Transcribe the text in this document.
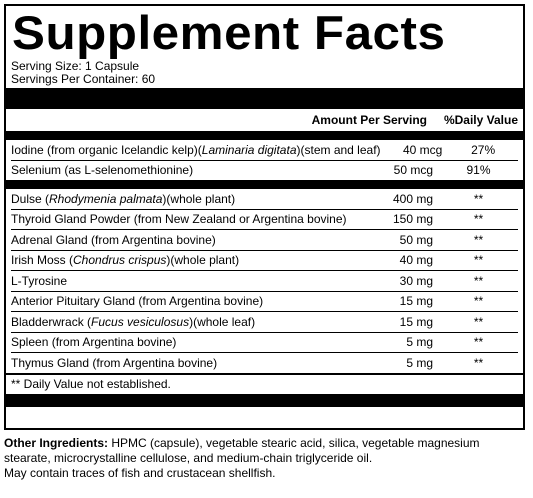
Supplement Facts
Serving Size: 1 Capsule
Servings Per Container: 60
Amount Per Serving	%Daily Value
Iodine (from organic Icelandic kelp)(Laminaria digitata)(stem and leaf)	40 mcg	27%
Selenium (as L-selenomethionine)	50 mcg	91%
Dulse (Rhodymenia palmata)(whole plant)	400 mg	**
Thyroid Gland Powder (from New Zealand or Argentina bovine)	150 mg	**
Adrenal Gland (from Argentina bovine)	50 mg	**
Irish Moss (Chondrus crispus)(whole plant)	40 mg	**
L-Tyrosine	30 mg	**
Anterior Pituitary Gland (from Argentina bovine)	15 mg	**
Bladderwrack (Fucus vesiculosus)(whole leaf)	15 mg	**
Spleen (from Argentina bovine)	5 mg	**
Thymus Gland (from Argentina bovine)	5 mg	**
** Daily Value not established.
Other Ingredients: HPMC (capsule), vegetable stearic acid, silica, vegetable magnesium stearate, microcrystalline cellulose, and medium-chain triglyceride oil.
May contain traces of fish and crustacean shellfish.
